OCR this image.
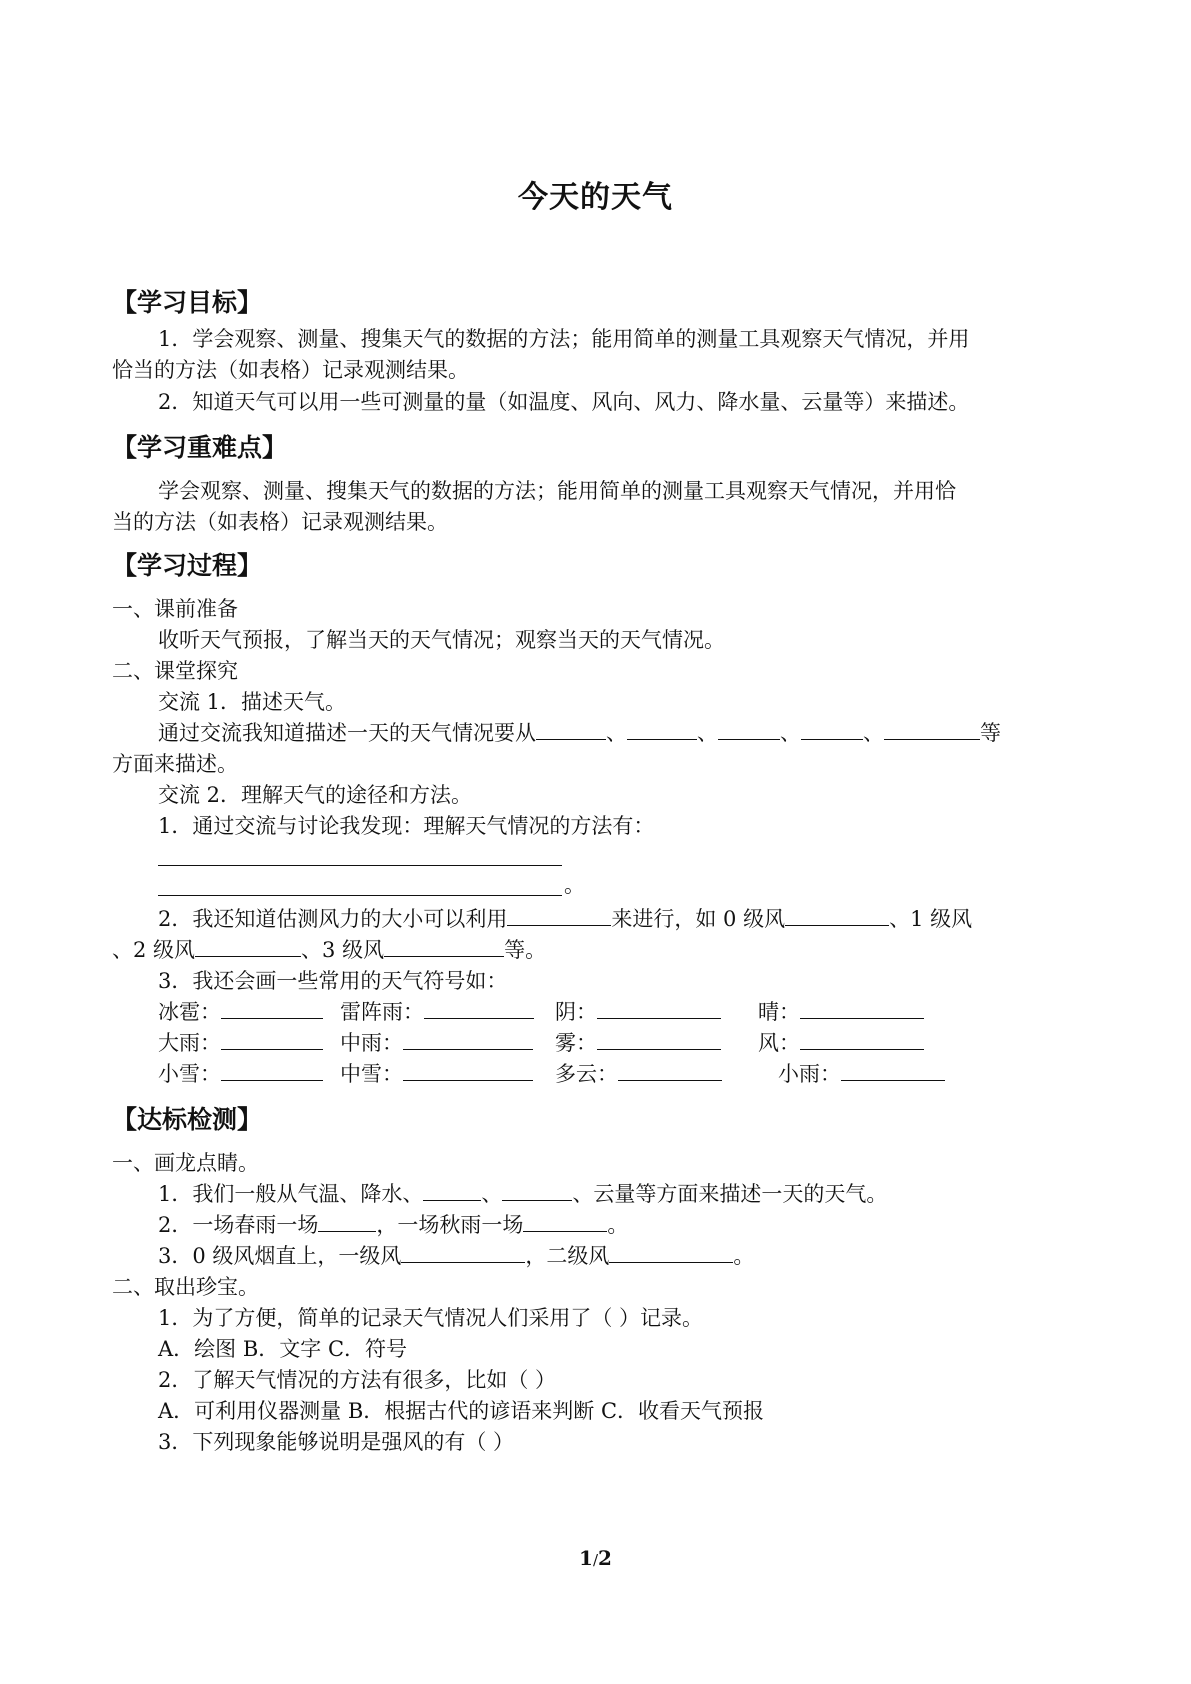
今天的天气
【学习目标】
1．学会观察、测量、搜集天气的数据的方法；能用简单的测量工具观察天气情况，并用
恰当的方法（如表格）记录观测结果。
2．知道天气可以用一些可测量的量（如温度、风向、风力、降水量、云量等）来描述。
【学习重难点】
学会观察、测量、搜集天气的数据的方法；能用简单的测量工具观察天气情况，并用恰
当的方法（如表格）记录观测结果。
【学习过程】
一、课前准备
收听天气预报，了解当天的天气情况；观察当天的天气情况。
二、课堂探究
交流 1．描述天气。
通过交流我知道描述一天的天气情况要从	、	、	、	、	等
方面来描述。
交流 2．理解天气的途径和方法。
1．通过交流与讨论我发现：理解天气情况的方法有：
。
2．我还知道估测风力的大小可以利用	来进行，如 0 级风	、1 级风
、2 级风	、3 级风	等。
3．我还会画一些常用的天气符号如：
冰雹：	雷阵雨：	阴：	晴：
大雨：	中雨：	雾：	风：
小雪：	中雪：	多云：	小雨：
【达标检测】
一、画龙点睛。
1．我们一般从气温、降水、	、	、云量等方面来描述一天的天气。
2．一场春雨一场	，一场秋雨一场	。
3．0 级风烟直上，一级风	，二级风	。
二、取出珍宝。
1．为了方便，简单的记录天气情况人们采用了（ ）记录。
A．绘图 B．文字 C．符号
2．了解天气情况的方法有很多，比如（ ）
A．可利用仪器测量 B．根据古代的谚语来判断 C．收看天气预报
3．下列现象能够说明是强风的有（ ）
1/2
